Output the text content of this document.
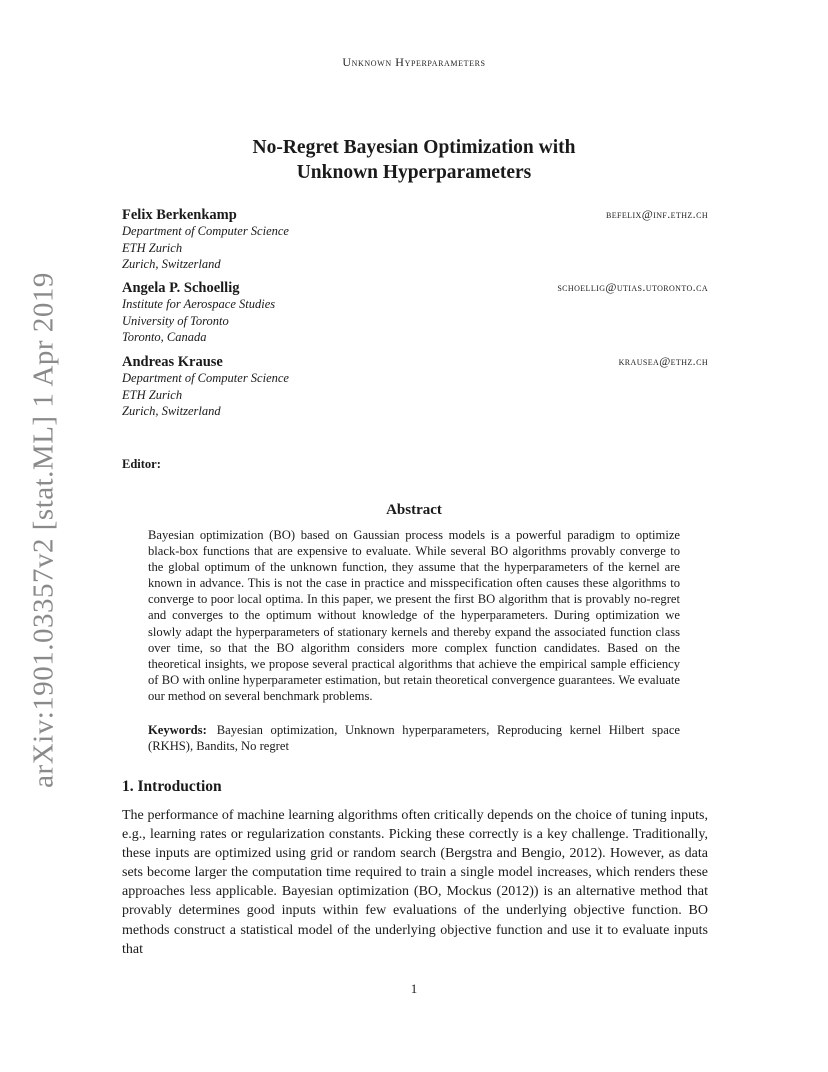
arXiv:1901.03357v2 [stat.ML] 1 Apr 2019
Unknown Hyperparameters
No-Regret Bayesian Optimization with
Unknown Hyperparameters
Felix Berkenkamp	befelix@inf.ethz.ch
Department of Computer Science
ETH Zurich
Zurich, Switzerland
Angela P. Schoellig	schoellig@utias.utoronto.ca
Institute for Aerospace Studies
University of Toronto
Toronto, Canada
Andreas Krause	krausea@ethz.ch
Department of Computer Science
ETH Zurich
Zurich, Switzerland
Editor:
Abstract
Bayesian optimization (BO) based on Gaussian process models is a powerful paradigm to optimize black-box functions that are expensive to evaluate. While several BO algorithms provably converge to the global optimum of the unknown function, they assume that the hyperparameters of the kernel are known in advance. This is not the case in practice and misspecification often causes these algorithms to converge to poor local optima. In this paper, we present the first BO algorithm that is provably no-regret and converges to the optimum without knowledge of the hyperparameters. During optimization we slowly adapt the hyperparameters of stationary kernels and thereby expand the associated function class over time, so that the BO algorithm considers more complex function candidates. Based on the theoretical insights, we propose several practical algorithms that achieve the empirical sample efficiency of BO with online hyperparameter estimation, but retain theoretical convergence guarantees. We evaluate our method on several benchmark problems.
Keywords: Bayesian optimization, Unknown hyperparameters, Reproducing kernel Hilbert space (RKHS), Bandits, No regret
1. Introduction
The performance of machine learning algorithms often critically depends on the choice of tuning inputs, e.g., learning rates or regularization constants. Picking these correctly is a key challenge. Traditionally, these inputs are optimized using grid or random search (Bergstra and Bengio, 2012). However, as data sets become larger the computation time required to train a single model increases, which renders these approaches less applicable. Bayesian optimization (BO, Mockus (2012)) is an alternative method that provably determines good inputs within few evaluations of the underlying objective function. BO methods construct a statistical model of the underlying objective function and use it to evaluate inputs that
1
